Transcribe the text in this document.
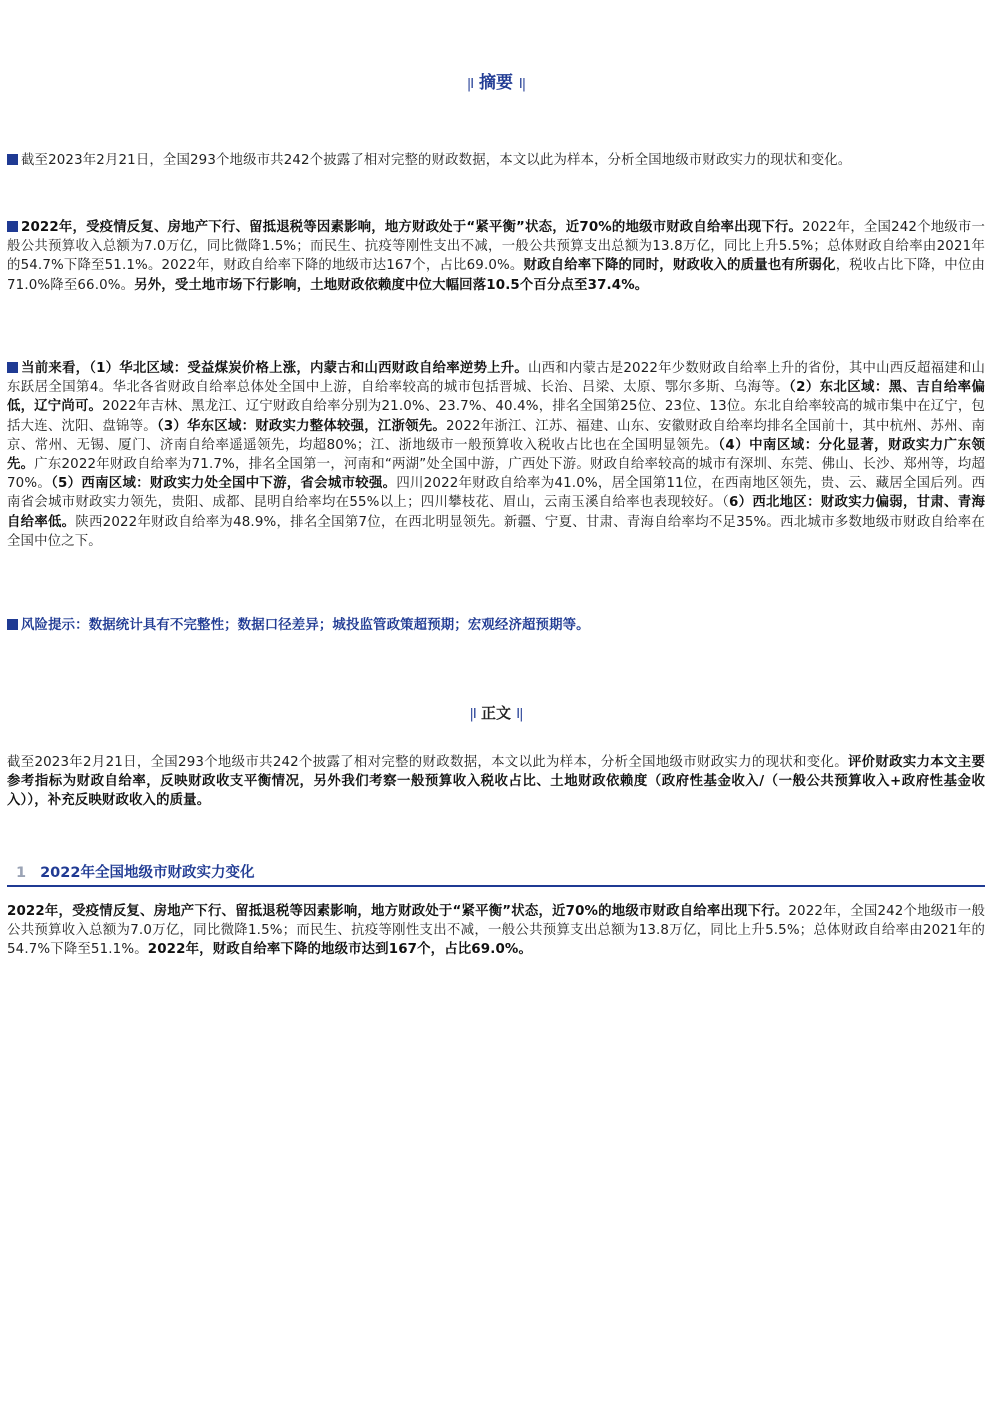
|I 摘要 I|
截至2023年2月21日，全国293个地级市共242个披露了相对完整的财政数据，本文以此为样本，分析全国地级市财政实力的现状和变化。
2022年，受疫情反复、房地产下行、留抵退税等因素影响，地方财政处于“紧平衡”状态，近70%的地级市财政自给率出现下行。2022年，全国242个地级市一般公共预算收入总额为7.0万亿，同比微降1.5%；而民生、抗疫等刚性支出不减，一般公共预算支出总额为13.8万亿，同比上升5.5%；总体财政自给率由2021年的54.7%下降至51.1%。2022年，财政自给率下降的地级市达167个，占比69.0%。财政自给率下降的同时，财政收入的质量也有所弱化，税收占比下降，中位由71.0%降至66.0%。另外，受土地市场下行影响，土地财政依赖度中位大幅回落10.5个百分点至37.4%。
当前来看，（1）华北区域：受益煤炭价格上涨，内蒙古和山西财政自给率逆势上升。山西和内蒙古是2022年少数财政自给率上升的省份，其中山西反超福建和山东跃居全国第4。华北各省财政自给率总体处全国中上游，自给率较高的城市包括晋城、长治、吕梁、太原、鄂尔多斯、乌海等。（2）东北区域：黑、吉自给率偏低，辽宁尚可。2022年吉林、黑龙江、辽宁财政自给率分别为21.0%、23.7%、40.4%，排名全国第25位、23位、13位。东北自给率较高的城市集中在辽宁，包括大连、沈阳、盘锦等。（3）华东区域：财政实力整体较强，江浙领先。2022年浙江、江苏、福建、山东、安徽财政自给率均排名全国前十，其中杭州、苏州、南京、常州、无锡、厦门、济南自给率遥遥领先，均超80%；江、浙地级市一般预算收入税收占比也在全国明显领先。（4）中南区域：分化显著，财政实力广东领先。广东2022年财政自给率为71.7%，排名全国第一，河南和“两湖”处全国中游，广西处下游。财政自给率较高的城市有深圳、东莞、佛山、长沙、郑州等，均超70%。（5）西南区域：财政实力处全国中下游，省会城市较强。四川2022年财政自给率为41.0%，居全国第11位，在西南地区领先，贵、云、藏居全国后列。西南省会城市财政实力领先，贵阳、成都、昆明自给率均在55%以上；四川攀枝花、眉山，云南玉溪自给率也表现较好。（6）西北地区：财政实力偏弱，甘肃、青海自给率低。陕西2022年财政自给率为48.9%，排名全国第7位，在西北明显领先。新疆、宁夏、甘肃、青海自给率均不足35%。西北城市多数地级市财政自给率在全国中位之下。
风险提示：数据统计具有不完整性；数据口径差异；城投监管政策超预期；宏观经济超预期等。
|I 正文 I|
截至2023年2月21日，全国293个地级市共242个披露了相对完整的财政数据，本文以此为样本，分析全国地级市财政实力的现状和变化。评价财政实力本文主要参考指标为财政自给率，反映财政收支平衡情况，另外我们考察一般预算收入税收占比、土地财政依赖度（政府性基金收入/（一般公共预算收入+政府性基金收入）），补充反映财政收入的质量。
1 2022年全国地级市财政实力变化
2022年，受疫情反复、房地产下行、留抵退税等因素影响，地方财政处于“紧平衡”状态，近70%的地级市财政自给率出现下行。2022年，全国242个地级市一般公共预算收入总额为7.0万亿，同比微降1.5%；而民生、抗疫等刚性支出不减，一般公共预算支出总额为13.8万亿，同比上升5.5%；总体财政自给率由2021年的54.7%下降至51.1%。2022年，财政自给率下降的地级市达到167个，占比69.0%。
